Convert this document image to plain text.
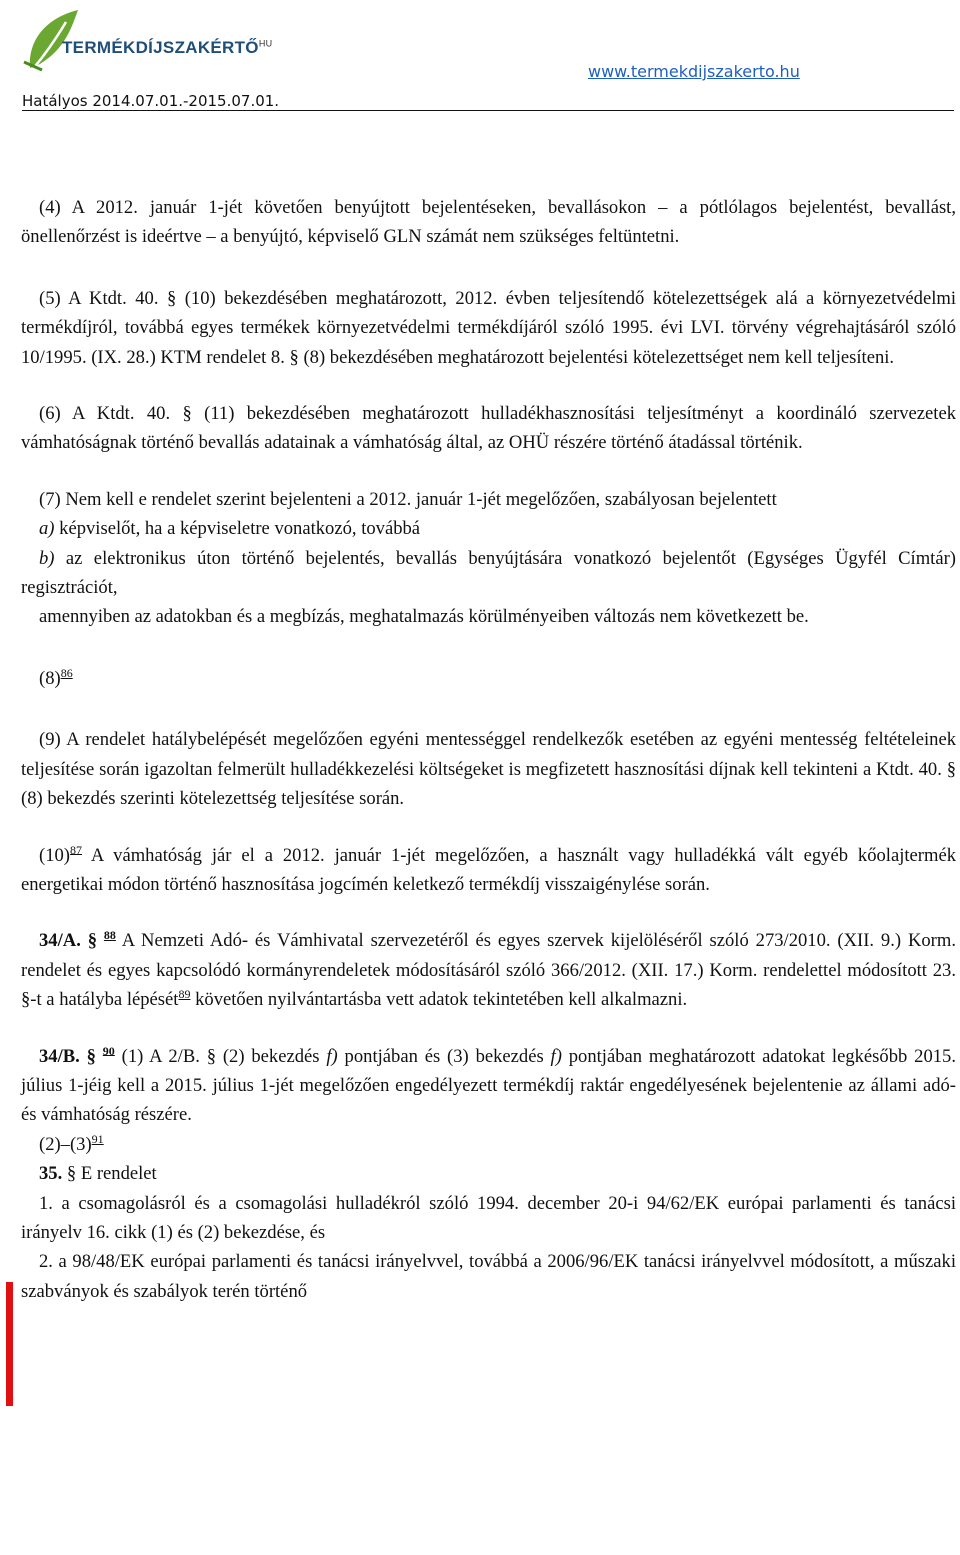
$TERMÉKDÍJSZAKÉRTŐ^{HU}$
www.termekdijszakerto.hu
Hatályos 2014.07.01.-2015.07.01.

(4) A 2012. január 1-jét követően benyújtott bejelentéseken, bevallásokon – a pótlólagos bejelentést, bevallást, önellenőrzést is ideértve – a benyújtó, képviselő GLN számát nem szükséges feltüntetni.

(5) A Ktdt. 40. § (10) bekezdésében meghatározott, 2012. évben teljesítendő kötelezettségek alá a környezetvédelmi termékdíjról, továbbá egyes termékek környezetvédelmi termékdíjáról szóló 1995. évi LVI. törvény végrehajtásáról szóló 10/1995. (IX. 28.) KTM rendelet 8. § (8) bekezdésében meghatározott bejelentési kötelezettséget nem kell teljesíteni.

(6) A Ktdt. 40. § (11) bekezdésében meghatározott hulladékhasznosítási teljesítményt a koordináló szervezetek vámhatóságnak történő bevallás adatainak a vámhatóság által, az OHÜ részére történő átadással történik.

(7) Nem kell e rendelet szerint bejelenteni a 2012. január 1-jét megelőzően, szabályosan bejelentett

a) képviselőt, ha a képviseletre vonatkozó, továbbá

b) az elektronikus úton történő bejelentés, bevallás benyújtására vonatkozó bejelentőt (Egységes Ügyfél Címtár) regisztrációt,

amennyiben az adatokban és a megbízás, meghatalmazás körülményeiben változás nem következett be.

(8)$^{86}$

(9) A rendelet hatálybelépését megelőzően egyéni mentességgel rendelkezők esetében az egyéni mentesség feltételeinek teljesítése során igazoltan felmerült hulladékkezelési költségeket is megfizetett hasznosítási díjnak kell tekinteni a Ktdt. 40. § (8) bekezdés szerinti kötelezettség teljesítése során.

(10)$^{87}$ A vámhatóság jár el a 2012. január 1-jét megelőzően, a használt vagy hulladékká vált egyéb kőolajtermék energetikai módon történő hasznosítása jogcímén keletkező termékdíj visszaigénylése során.

34/A. § $^{88}$ A Nemzeti Adó- és Vámhivatal szervezetéről és egyes szervek kijelöléséről szóló 273/2010. (XII. 9.) Korm. rendelet és egyes kapcsolódó kormányrendeletek módosításáról szóló 366/2012. (XII. 17.) Korm. rendelettel módosított 23. §-t a hatályba lépését$^{89}$ követően nyilvántartásba vett adatok tekintetében kell alkalmazni.

34/B. § $^{90}$ (1) A 2/B. § (2) bekezdés f) pontjában és (3) bekezdés f) pontjában meghatározott adatokat legkésőbb 2015. július 1-jéig kell a 2015. július 1-jét megelőzően engedélyezett termékdíj raktár engedélyesének bejelentenie az állami adó- és vámhatóság részére.

(2)–(3)$^{91}$

35. § E rendelet

1. a csomagolásról és a csomagolási hulladékról szóló 1994. december 20-i 94/62/EK európai parlamenti és tanácsi irányelv 16. cikk (1) és (2) bekezdése, és

2. a 98/48/EK európai parlamenti és tanácsi irányelvvel, továbbá a 2006/96/EK tanácsi irányelvvel módosított, a műszaki szabványok és szabályok terén történő
